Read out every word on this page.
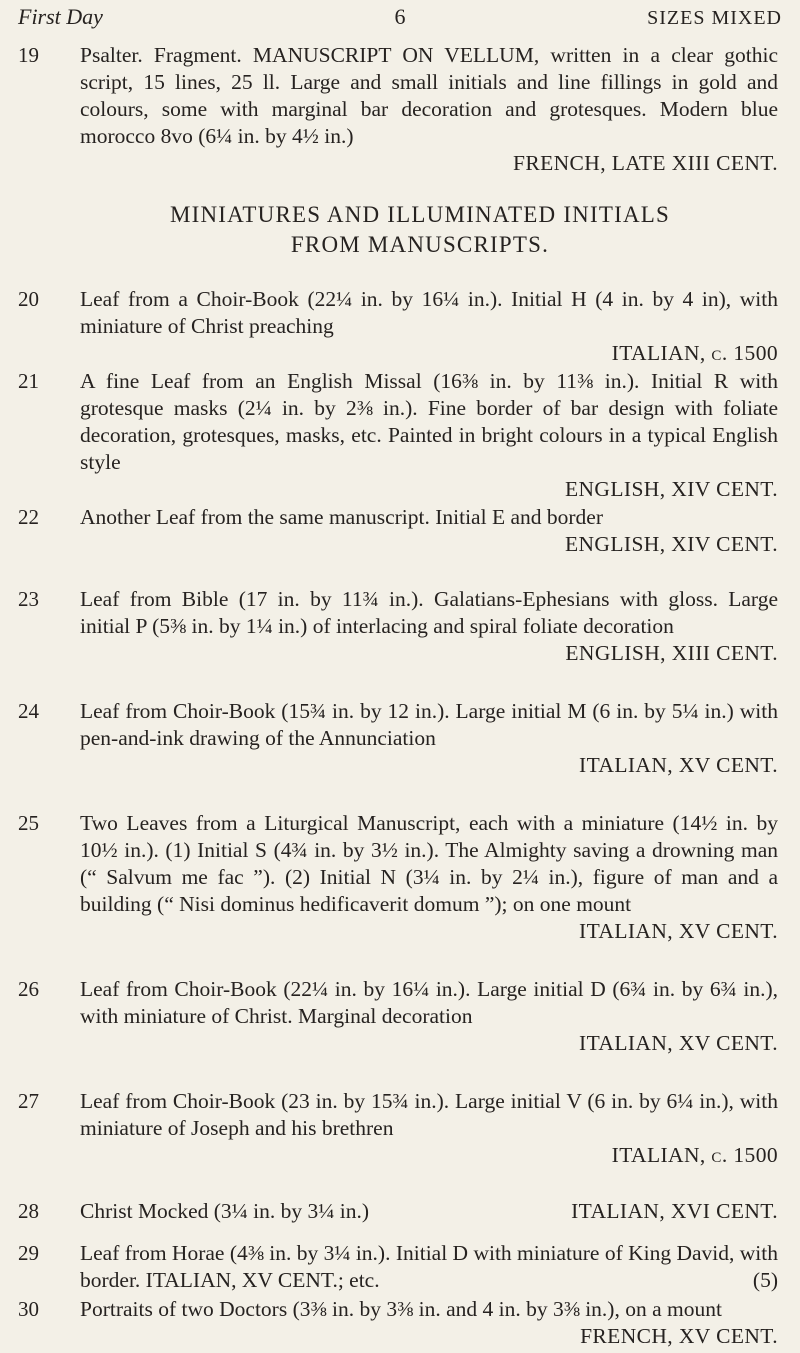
First Day	6	SIZES MIXED
19	Psalter. Fragment. MANUSCRIPT ON VELLUM, written in a clear gothic script, 15 lines, 25 ll. Large and small initials and line fillings in gold and colours, some with marginal bar decoration and grotesques. Modern blue morocco 8vo (6¼ in. by 4½ in.)
FRENCH, LATE XIII CENT.
MINIATURES AND ILLUMINATED INITIALS
FROM MANUSCRIPTS.
20	Leaf from a Choir-Book (22¼ in. by 16¼ in.). Initial H (4 in. by 4 in), with miniature of Christ preaching
ITALIAN, c. 1500
21	A fine Leaf from an English Missal (16⅜ in. by 11⅜ in.). Initial R with grotesque masks (2¼ in. by 2⅜ in.). Fine border of bar design with foliate decoration, grotesques, masks, etc. Painted in bright colours in a typical English style
ENGLISH, XIV CENT.
22	Another Leaf from the same manuscript. Initial E and border
ENGLISH, XIV CENT.
23	Leaf from Bible (17 in. by 11¾ in.). Galatians-Ephesians with gloss. Large initial P (5⅜ in. by 1¼ in.) of interlacing and spiral foliate decoration
ENGLISH, XIII CENT.
24	Leaf from Choir-Book (15¾ in. by 12 in.). Large initial M (6 in. by 5¼ in.) with pen-and-ink drawing of the Annunciation
ITALIAN, XV CENT.
25	Two Leaves from a Liturgical Manuscript, each with a miniature (14½ in. by 10½ in.). (1) Initial S (4¾ in. by 3½ in.). The Almighty saving a drowning man (“ Salvum me fac ”). (2) Initial N (3¼ in. by 2¼ in.), figure of man and a building (“ Nisi dominus hedificaverit domum ”); on one mount
ITALIAN, XV CENT.
26	Leaf from Choir-Book (22¼ in. by 16¼ in.). Large initial D (6¾ in. by 6¾ in.), with miniature of Christ. Marginal decoration
ITALIAN, XV CENT.
27	Leaf from Choir-Book (23 in. by 15¾ in.). Large initial V (6 in. by 6¼ in.), with miniature of Joseph and his brethren
ITALIAN, c. 1500
28	Christ Mocked (3¼ in. by 3¼ in.)	ITALIAN, XVI CENT.
29	Leaf from Horae (4⅜ in. by 3¼ in.). Initial D with miniature of King David, with border. ITALIAN, XV CENT.; etc.	(5)
30	Portraits of two Doctors (3⅜ in. by 3⅜ in. and 4 in. by 3⅜ in.), on a mount
FRENCH, XV CENT.
